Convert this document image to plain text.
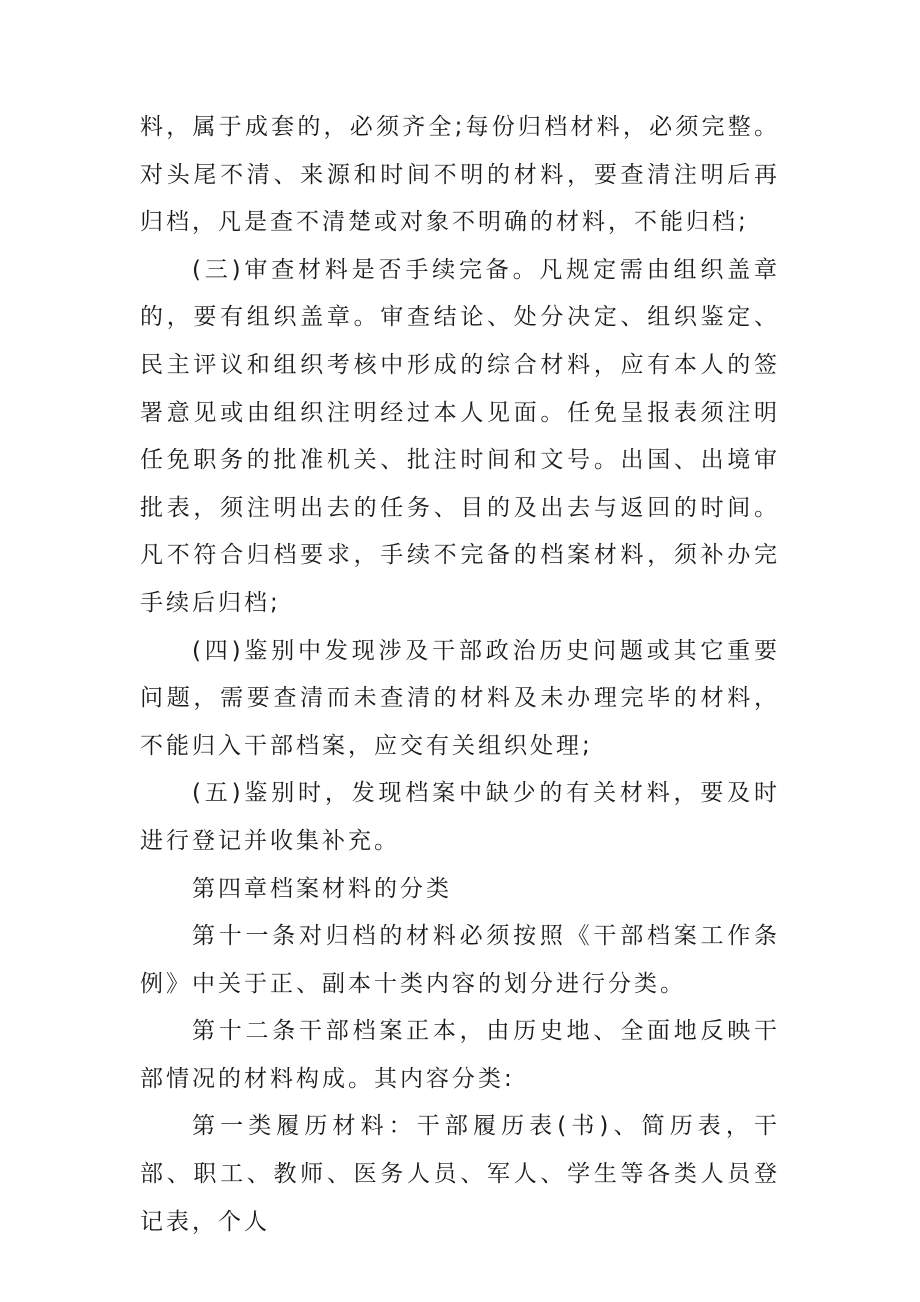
料，属于成套的，必须齐全;每份归档材料，必须完整。对头尾不清、来源和时间不明的材料，要查清注明后再归档，凡是查不清楚或对象不明确的材料，不能归档;

(三)审查材料是否手续完备。凡规定需由组织盖章的，要有组织盖章。审查结论、处分决定、组织鉴定、民主评议和组织考核中形成的综合材料，应有本人的签署意见或由组织注明经过本人见面。任免呈报表须注明任免职务的批准机关、批注时间和文号。出国、出境审批表，须注明出去的任务、目的及出去与返回的时间。凡不符合归档要求，手续不完备的档案材料，须补办完手续后归档;

(四)鉴别中发现涉及干部政治历史问题或其它重要问题，需要查清而未查清的材料及未办理完毕的材料，不能归入干部档案，应交有关组织处理;

(五)鉴别时，发现档案中缺少的有关材料，要及时进行登记并收集补充。

第四章档案材料的分类

第十一条对归档的材料必须按照《干部档案工作条例》中关于正、副本十类内容的划分进行分类。

第十二条干部档案正本，由历史地、全面地反映干部情况的材料构成。其内容分类:

第一类履历材料：干部履历表(书)、简历表，干部、职工、教师、医务人员、军人、学生等各类人员登记表，个人
